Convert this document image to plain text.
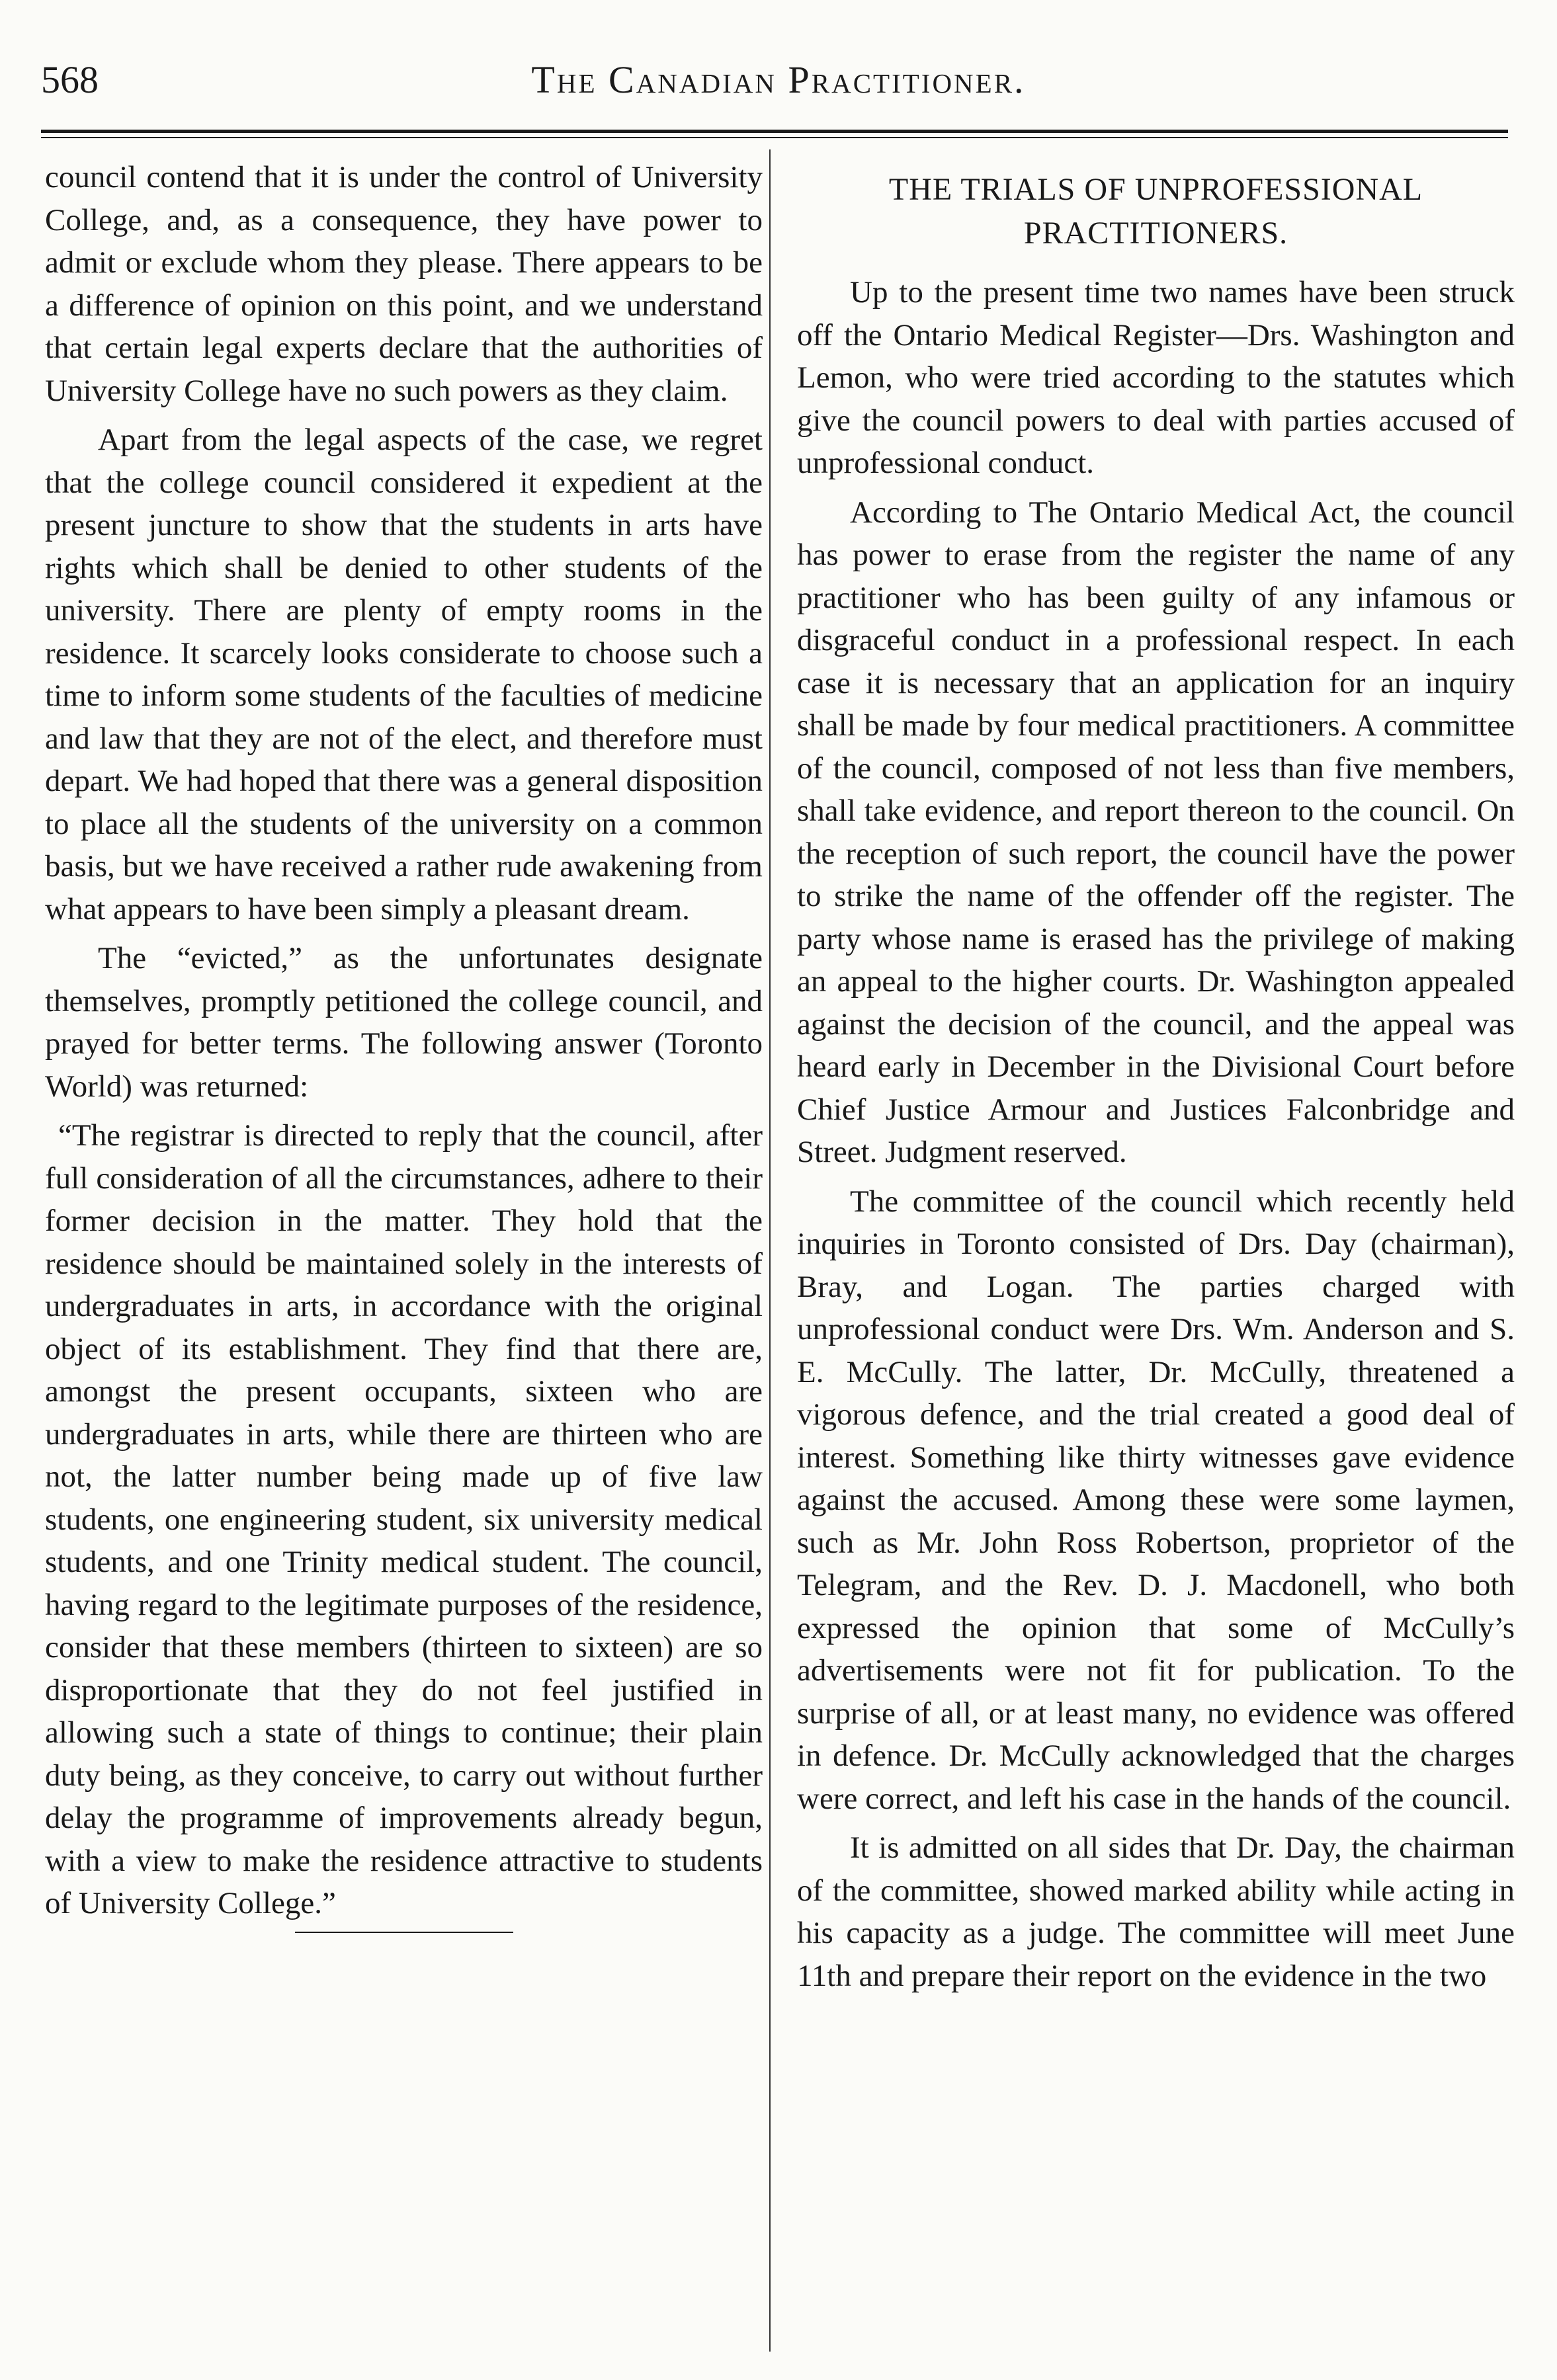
568	The Canadian Practitioner.

council contend that it is under the control of University College, and, as a consequence, they have power to admit or exclude whom they please. There appears to be a difference of opinion on this point, and we understand that certain legal experts declare that the authorities of University College have no such powers as they claim.

Apart from the legal aspects of the case, we regret that the college council considered it expedient at the present juncture to show that the students in arts have rights which shall be denied to other students of the university. There are plenty of empty rooms in the residence. It scarcely looks considerate to choose such a time to inform some students of the faculties of medicine and law that they are not of the elect, and therefore must depart. We had hoped that there was a general disposition to place all the students of the university on a common basis, but we have received a rather rude awakening from what appears to have been simply a pleasant dream.

The “evicted,” as the unfortunates designate themselves, promptly petitioned the college council, and prayed for better terms. The following answer (Toronto World) was returned:

“The registrar is directed to reply that the council, after full consideration of all the circumstances, adhere to their former decision in the matter. They hold that the residence should be maintained solely in the interests of undergraduates in arts, in accordance with the original object of its establishment. They find that there are, amongst the present occupants, sixteen who are undergraduates in arts, while there are thirteen who are not, the latter number being made up of five law students, one engineering student, six university medical students, and one Trinity medical student. The council, having regard to the legitimate purposes of the residence, consider that these members (thirteen to sixteen) are so disproportionate that they do not feel justified in allowing such a state of things to continue; their plain duty being, as they conceive, to carry out without further delay the programme of improvements already begun, with a view to make the residence attractive to students of University College.”

THE TRIALS OF UNPROFESSIONAL PRACTITIONERS.

Up to the present time two names have been struck off the Ontario Medical Register—Drs. Washington and Lemon, who were tried according to the statutes which give the council powers to deal with parties accused of unprofessional conduct.

According to The Ontario Medical Act, the council has power to erase from the register the name of any practitioner who has been guilty of any infamous or disgraceful conduct in a professional respect. In each case it is necessary that an application for an inquiry shall be made by four medical practitioners. A committee of the council, composed of not less than five members, shall take evidence, and report thereon to the council. On the reception of such report, the council have the power to strike the name of the offender off the register. The party whose name is erased has the privilege of making an appeal to the higher courts. Dr. Washington appealed against the decision of the council, and the appeal was heard early in December in the Divisional Court before Chief Justice Armour and Justices Falconbridge and Street. Judgment reserved.

The committee of the council which recently held inquiries in Toronto consisted of Drs. Day (chairman), Bray, and Logan. The parties charged with unprofessional conduct were Drs. Wm. Anderson and S. E. McCully. The latter, Dr. McCully, threatened a vigorous defence, and the trial created a good deal of interest. Something like thirty witnesses gave evidence against the accused. Among these were some laymen, such as Mr. John Ross Robertson, proprietor of the Telegram, and the Rev. D. J. Macdonell, who both expressed the opinion that some of McCully’s advertisements were not fit for publication. To the surprise of all, or at least many, no evidence was offered in defence. Dr. McCully acknowledged that the charges were correct, and left his case in the hands of the council.

It is admitted on all sides that Dr. Day, the chairman of the committee, showed marked ability while acting in his capacity as a judge. The committee will meet June 11th and prepare their report on the evidence in the two
